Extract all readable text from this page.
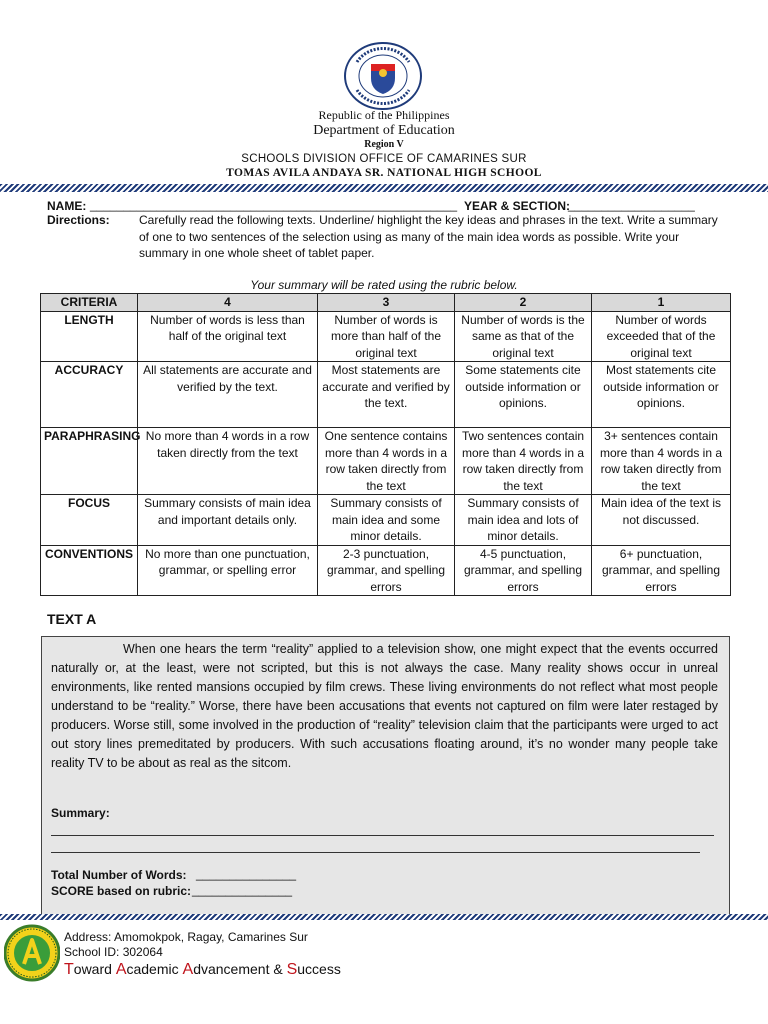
Republic of the Philippines
Department of Education
Region V
SCHOOLS DIVISION OFFICE OF CAMARINES SUR
TOMAS AVILA ANDAYA SR. NATIONAL HIGH SCHOOL
NAME: _______________________________________________________ YEAR & SECTION:
___________________
Directions: Carefully read the following texts. Underline/ highlight the key ideas and phrases in the text. Write a summary of one to two sentences of the selection using as many of the main idea words as possible. Write your summary in one whole sheet of tablet paper.
Your summary will be rated using the rubric below.
CRITERIA	4	3	2	1
LENGTH	Number of words is less than half of the original text	Number of words is more than half of the original text	Number of words is the same as that of the original text	Number of words exceeded that of the original text
ACCURACY	All statements are accurate and verified by the text.	Most statements are accurate and verified by the text.	Some statements cite outside information or opinions.	Most statements cite outside information or opinions.
PARAPHRASING	No more than 4 words in a row taken directly from the text	One sentence contains more than 4 words in a row taken directly from the text	Two sentences contain more than 4 words in a row taken directly from the text	3+ sentences contain more than 4 words in a row taken directly from the text
FOCUS	Summary consists of main idea and important details only.	Summary consists of main idea and some minor details.	Summary consists of main idea and lots of minor details.	Main idea of the text is not discussed.
CONVENTIONS	No more than one punctuation, grammar, or spelling error	2-3 punctuation, grammar, and spelling errors	4-5 punctuation, grammar, and spelling errors	6+ punctuation, grammar, and spelling errors
TEXT A
When one hears the term “reality” applied to a television show, one might expect that the events occurred naturally or, at the least, were not scripted, but this is not always the case. Many reality shows occur in unreal environments, like rented mansions occupied by film crews. These living environments do not reflect what most people understand to be “reality.” Worse, there have been accusations that events not captured on film were later restaged by producers. Worse still, some involved in the production of “reality” television claim that the participants were urged to act out story lines premeditated by producers. With such accusations floating around, it’s no wonder many people take reality TV to be about as real as the sitcom.
Summary:
Total Number of Words: _______________
SCORE based on rubric: _______________
Address: Amomokpok, Ragay, Camarines Sur
School ID: 302064
Toward Academic Advancement & Success
